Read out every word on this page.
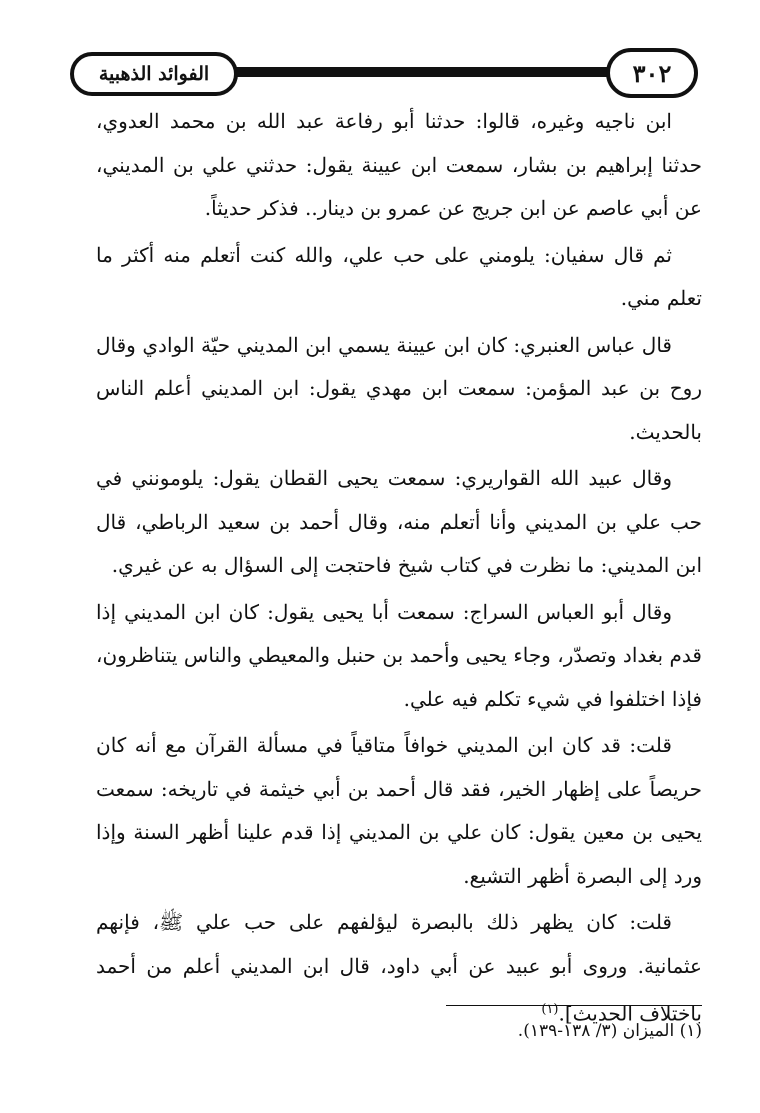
الفوائد الذهبية	٣٠٢

ابن ناجيه وغيره، قالوا: حدثنا أبو رفاعة عبد الله بن محمد العدوي، حدثنا إبراهيم بن بشار، سمعت ابن عيينة يقول: حدثني علي بن المديني، عن أبي عاصم عن ابن جريج عن عمرو بن دينار.. فذكر حديثاً.

ثم قال سفيان: يلومني على حب علي، والله كنت أتعلم منه أكثر ما تعلم مني.

قال عباس العنبري: كان ابن عيينة يسمي ابن المديني حيّة الوادي وقال روح بن عبد المؤمن: سمعت ابن مهدي يقول: ابن المديني أعلم الناس بالحديث.

وقال عبيد الله القواريري: سمعت يحيى القطان يقول: يلومونني في حب علي بن المديني وأنا أتعلم منه، وقال أحمد بن سعيد الرباطي، قال ابن المديني: ما نظرت في كتاب شيخ فاحتجت إلى السؤال به عن غيري.

وقال أبو العباس السراج: سمعت أبا يحيى يقول: كان ابن المديني إذا قدم بغداد وتصدّر، وجاء يحيى وأحمد بن حنبل والمعيطي والناس يتناظرون، فإذا اختلفوا في شيء تكلم فيه علي.

قلت: قد كان ابن المديني خوافاً متاقياً في مسألة القرآن مع أنه كان حريصاً على إظهار الخير، فقد قال أحمد بن أبي خيثمة في تاريخه: سمعت يحيى بن معين يقول: كان علي بن المديني إذا قدم علينا أظهر السنة وإذا ورد إلى البصرة أظهر التشيع.

قلت: كان يظهر ذلك بالبصرة ليؤلفهم على حب علي ﷺ، فإنهم عثمانية. وروى أبو عبيد عن أبي داود، قال ابن المديني أعلم من أحمد باختلاف الحديث].$^{(١)}$

(١) الميزان (٣/ ١٣٨-١٣٩).
